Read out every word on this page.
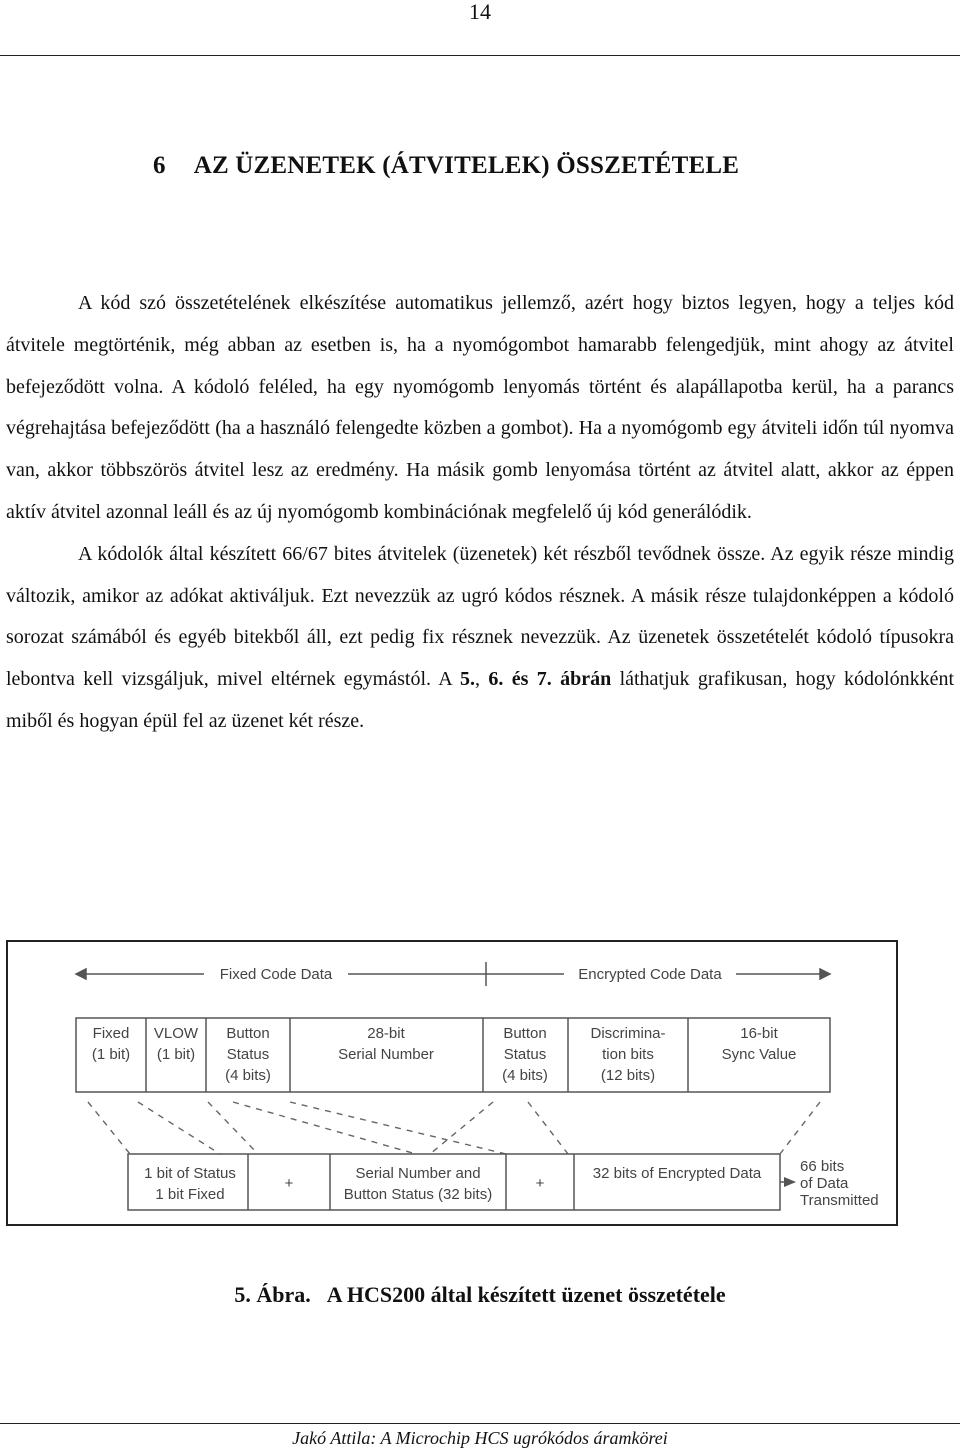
14
6 AZ ÜZENETEK (ÁTVITELEK) ÖSSZETÉTELE

A kód szó összetételének elkészítése automatikus jellemző, azért hogy biztos legyen, hogy a teljes kód átvitele megtörténik, még abban az esetben is, ha a nyomógombot hamarabb felengedjük, mint ahogy az átvitel befejeződött volna. A kódoló feléled, ha egy nyomógomb lenyomás történt és alapállapotba kerül, ha a parancs végrehajtása befejeződött (ha a használó felengedte közben a gombot). Ha a nyomógomb egy átviteli időn túl nyomva van, akkor többszörös átvitel lesz az eredmény. Ha másik gomb lenyomása történt az átvitel alatt, akkor az éppen aktív átvitel azonnal leáll és az új nyomógomb kombinációnak megfelelő új kód generálódik.

A kódolók által készített 66/67 bites átvitelek (üzenetek) két részből tevődnek össze. Az egyik része mindig változik, amikor az adókat aktiváljuk. Ezt nevezzük az ugró kódos résznek. A másik része tulajdonképpen a kódoló sorozat számából és egyéb bitekből áll, ezt pedig fix résznek nevezzük. Az üzenetek összetételét kódoló típusokra lebontva kell vizsgáljuk, mivel eltérnek egymástól. A 5., 6. és 7. ábrán láthatjuk grafikusan, hogy kódolónkként miből és hogyan épül fel az üzenet két része.

Fixed Code Data	Encrypted Code Data
Fixed
(1 bit)
VLOW
(1 bit)
Button
Status
(4 bits)
28-bit
Serial Number
Button
Status
(4 bits)
Discrimina-
tion bits
(12 bits)
16-bit
Sync Value
1 bit of Status
1 bit Fixed
+
Serial Number and
Button Status (32 bits)
+
32 bits of Encrypted Data	66 bits
of Data
Transmitted
5. Ábra. A HCS200 által készített üzenet összetétele
Jakó Attila: A Microchip HCS ugrókódos áramkörei
